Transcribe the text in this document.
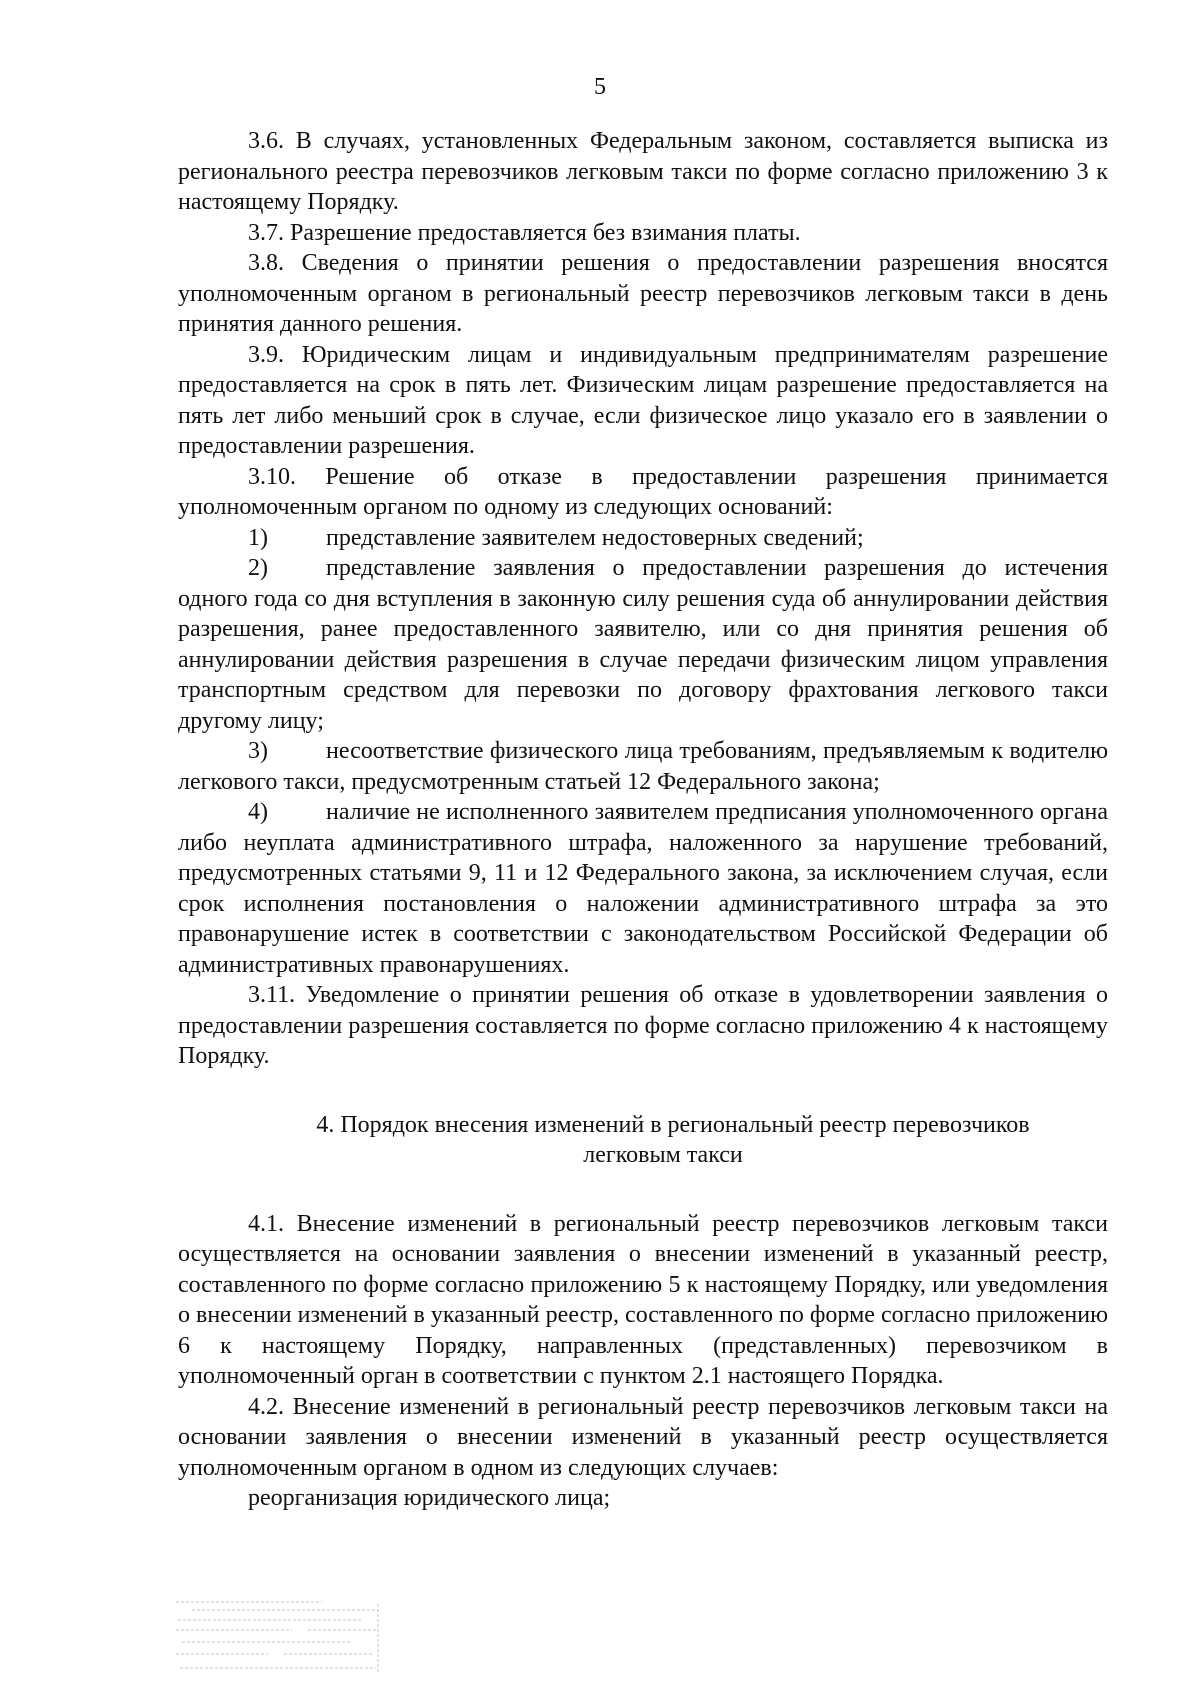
5

3.6. В случаях, установленных Федеральным законом, составляется выписка из регионального реестра перевозчиков легковым такси по форме согласно приложению 3 к настоящему Порядку.

3.7. Разрешение предоставляется без взимания платы.

3.8. Сведения о принятии решения о предоставлении разрешения вносятся уполномоченным органом в региональный реестр перевозчиков легковым такси в день принятия данного решения.

3.9. Юридическим лицам и индивидуальным предпринимателям разрешение предоставляется на срок в пять лет. Физическим лицам разрешение предоставляется на пять лет либо меньший срок в случае, если физическое лицо указало его в заявлении о предоставлении разрешения.

3.10. Решение об отказе в предоставлении разрешения принимается уполномоченным органом по одному из следующих оснований:

1) представление заявителем недостоверных сведений;

2) представление заявления о предоставлении разрешения до истечения одного года со дня вступления в законную силу решения суда об аннулировании действия разрешения, ранее предоставленного заявителю, или со дня принятия решения об аннулировании действия разрешения в случае передачи физическим лицом управления транспортным средством для перевозки по договору фрахтования легкового такси другому лицу;

3) несоответствие физического лица требованиям, предъявляемым к водителю легкового такси, предусмотренным статьей 12 Федерального закона;

4) наличие не исполненного заявителем предписания уполномоченного органа либо неуплата административного штрафа, наложенного за нарушение требований, предусмотренных статьями 9, 11 и 12 Федерального закона, за исключением случая, если срок исполнения постановления о наложении административного штрафа за это правонарушение истек в соответствии с законодательством Российской Федерации об административных правонарушениях.

3.11. Уведомление о принятии решения об отказе в удовлетворении заявления о предоставлении разрешения составляется по форме согласно приложению 4 к настоящему Порядку.

4. Порядок внесения изменений в региональный реестр перевозчиков
легковым такси

4.1. Внесение изменений в региональный реестр перевозчиков легковым такси осуществляется на основании заявления о внесении изменений в указанный реестр, составленного по форме согласно приложению 5 к настоящему Порядку, или уведомления о внесении изменений в указанный реестр, составленного по форме согласно приложению 6 к настоящему Порядку, направленных (представленных) перевозчиком в уполномоченный орган в соответствии с пунктом 2.1 настоящего Порядка.

4.2. Внесение изменений в региональный реестр перевозчиков легковым такси на основании заявления о внесении изменений в указанный реестр осуществляется уполномоченным органом в одном из следующих случаев:

реорганизация юридического лица;
